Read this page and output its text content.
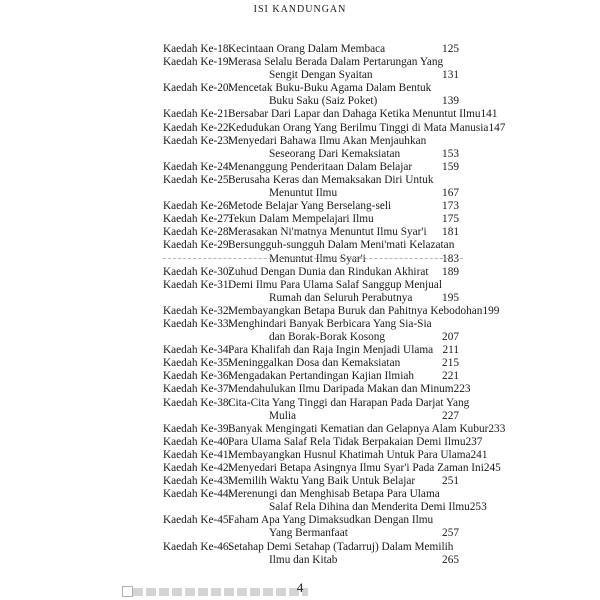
ISI KANDUNGAN
Kaedah Ke-18:
Kecintaan Orang Dalam Membaca	125
Kaedah Ke-19:
Merasa Selalu Berada Dalam Pertarungan Yang
Sengit Dengan Syaitan	131
Kaedah Ke-20:
Mencetak Buku-Buku Agama Dalam Bentuk
Buku Saku (Saiz Poket)	139
Kaedah Ke-21:
Bersabar Dari Lapar dan Dahaga Ketika Menuntut Ilmu 141
Kaedah Ke-22:
Kedudukan Orang Yang Berilmu Tinggi di Mata Manusia 147
Kaedah Ke-23:
Menyedari Bahawa Ilmu Akan Menjauhkan
Seseorang Dari Kemaksiatan	153
Kaedah Ke-24:
Menanggung Penderitaan Dalam Belajar	159
Kaedah Ke-25:
Berusaha Keras dan Memaksakan Diri Untuk
Menuntut Ilmu	167
Kaedah Ke-26:
Metode Belajar Yang Berselang-seli	173
Kaedah Ke-27:
Tekun Dalam Mempelajari Ilmu	175
Kaedah Ke-28:
Merasakan Ni'matnya Menuntut Ilmu Syar'i 181
Kaedah Ke-29:
Bersungguh-sungguh Dalam Meni'mati Kelazatan
Menuntut Ilmu Syar'i	183
Kaedah Ke-30:
Zuhud Dengan Dunia dan Rindukan Akhirat 189
Kaedah Ke-31:
Demi Ilmu Para Ulama Salaf Sanggup Menjual
Rumah dan Seluruh Perabutnya	195
Kaedah Ke-32:
Membayangkan Betapa Buruk dan Pahitnya Kebodohan 199
Kaedah Ke-33:
Menghindari Banyak Berbicara Yang Sia-Sia
dan Borak-Borak Kosong	207
Kaedah Ke-34:
Para Khalifah dan Raja Ingin Menjadi Ulama 211
Kaedah Ke-35:
Meninggalkan Dosa dan Kemaksiatan	215
Kaedah Ke-36:
Mengadakan Pertandingan Kajian Ilmiah 221
Kaedah Ke-37:
Mendahulukan Ilmu Daripada Makan dan Minum 223
Kaedah Ke-38:
Cita-Cita Yang Tinggi dan Harapan Pada Darjat Yang
Mulia	227
Kaedah Ke-39:
Banyak Mengingati Kematian dan Gelapnya Alam Kubur 233
Kaedah Ke-40:
Para Ulama Salaf Rela Tidak Berpakaian Demi Ilmu 237
Kaedah Ke-41:
Membayangkan Husnul Khatimah Untuk Para Ulama 241
Kaedah Ke-42:
Menyedari Betapa Asingnya Ilmu Syar'i Pada Zaman Ini 245
Kaedah Ke-43:
Memilih Waktu Yang Baik Untuk Belajar 251
Kaedah Ke-44:
Merenungi dan Menghisab Betapa Para Ulama
Salaf Rela Dihina dan Menderita Demi Ilmu 253
Kaedah Ke-45:
Faham Apa Yang Dimaksudkan Dengan Ilmu
Yang Bermanfaat	257
Kaedah Ke-46:
Setahap Demi Setahap (Tadarruj) Dalam Memilih
Ilmu dan Kitab	265
4
